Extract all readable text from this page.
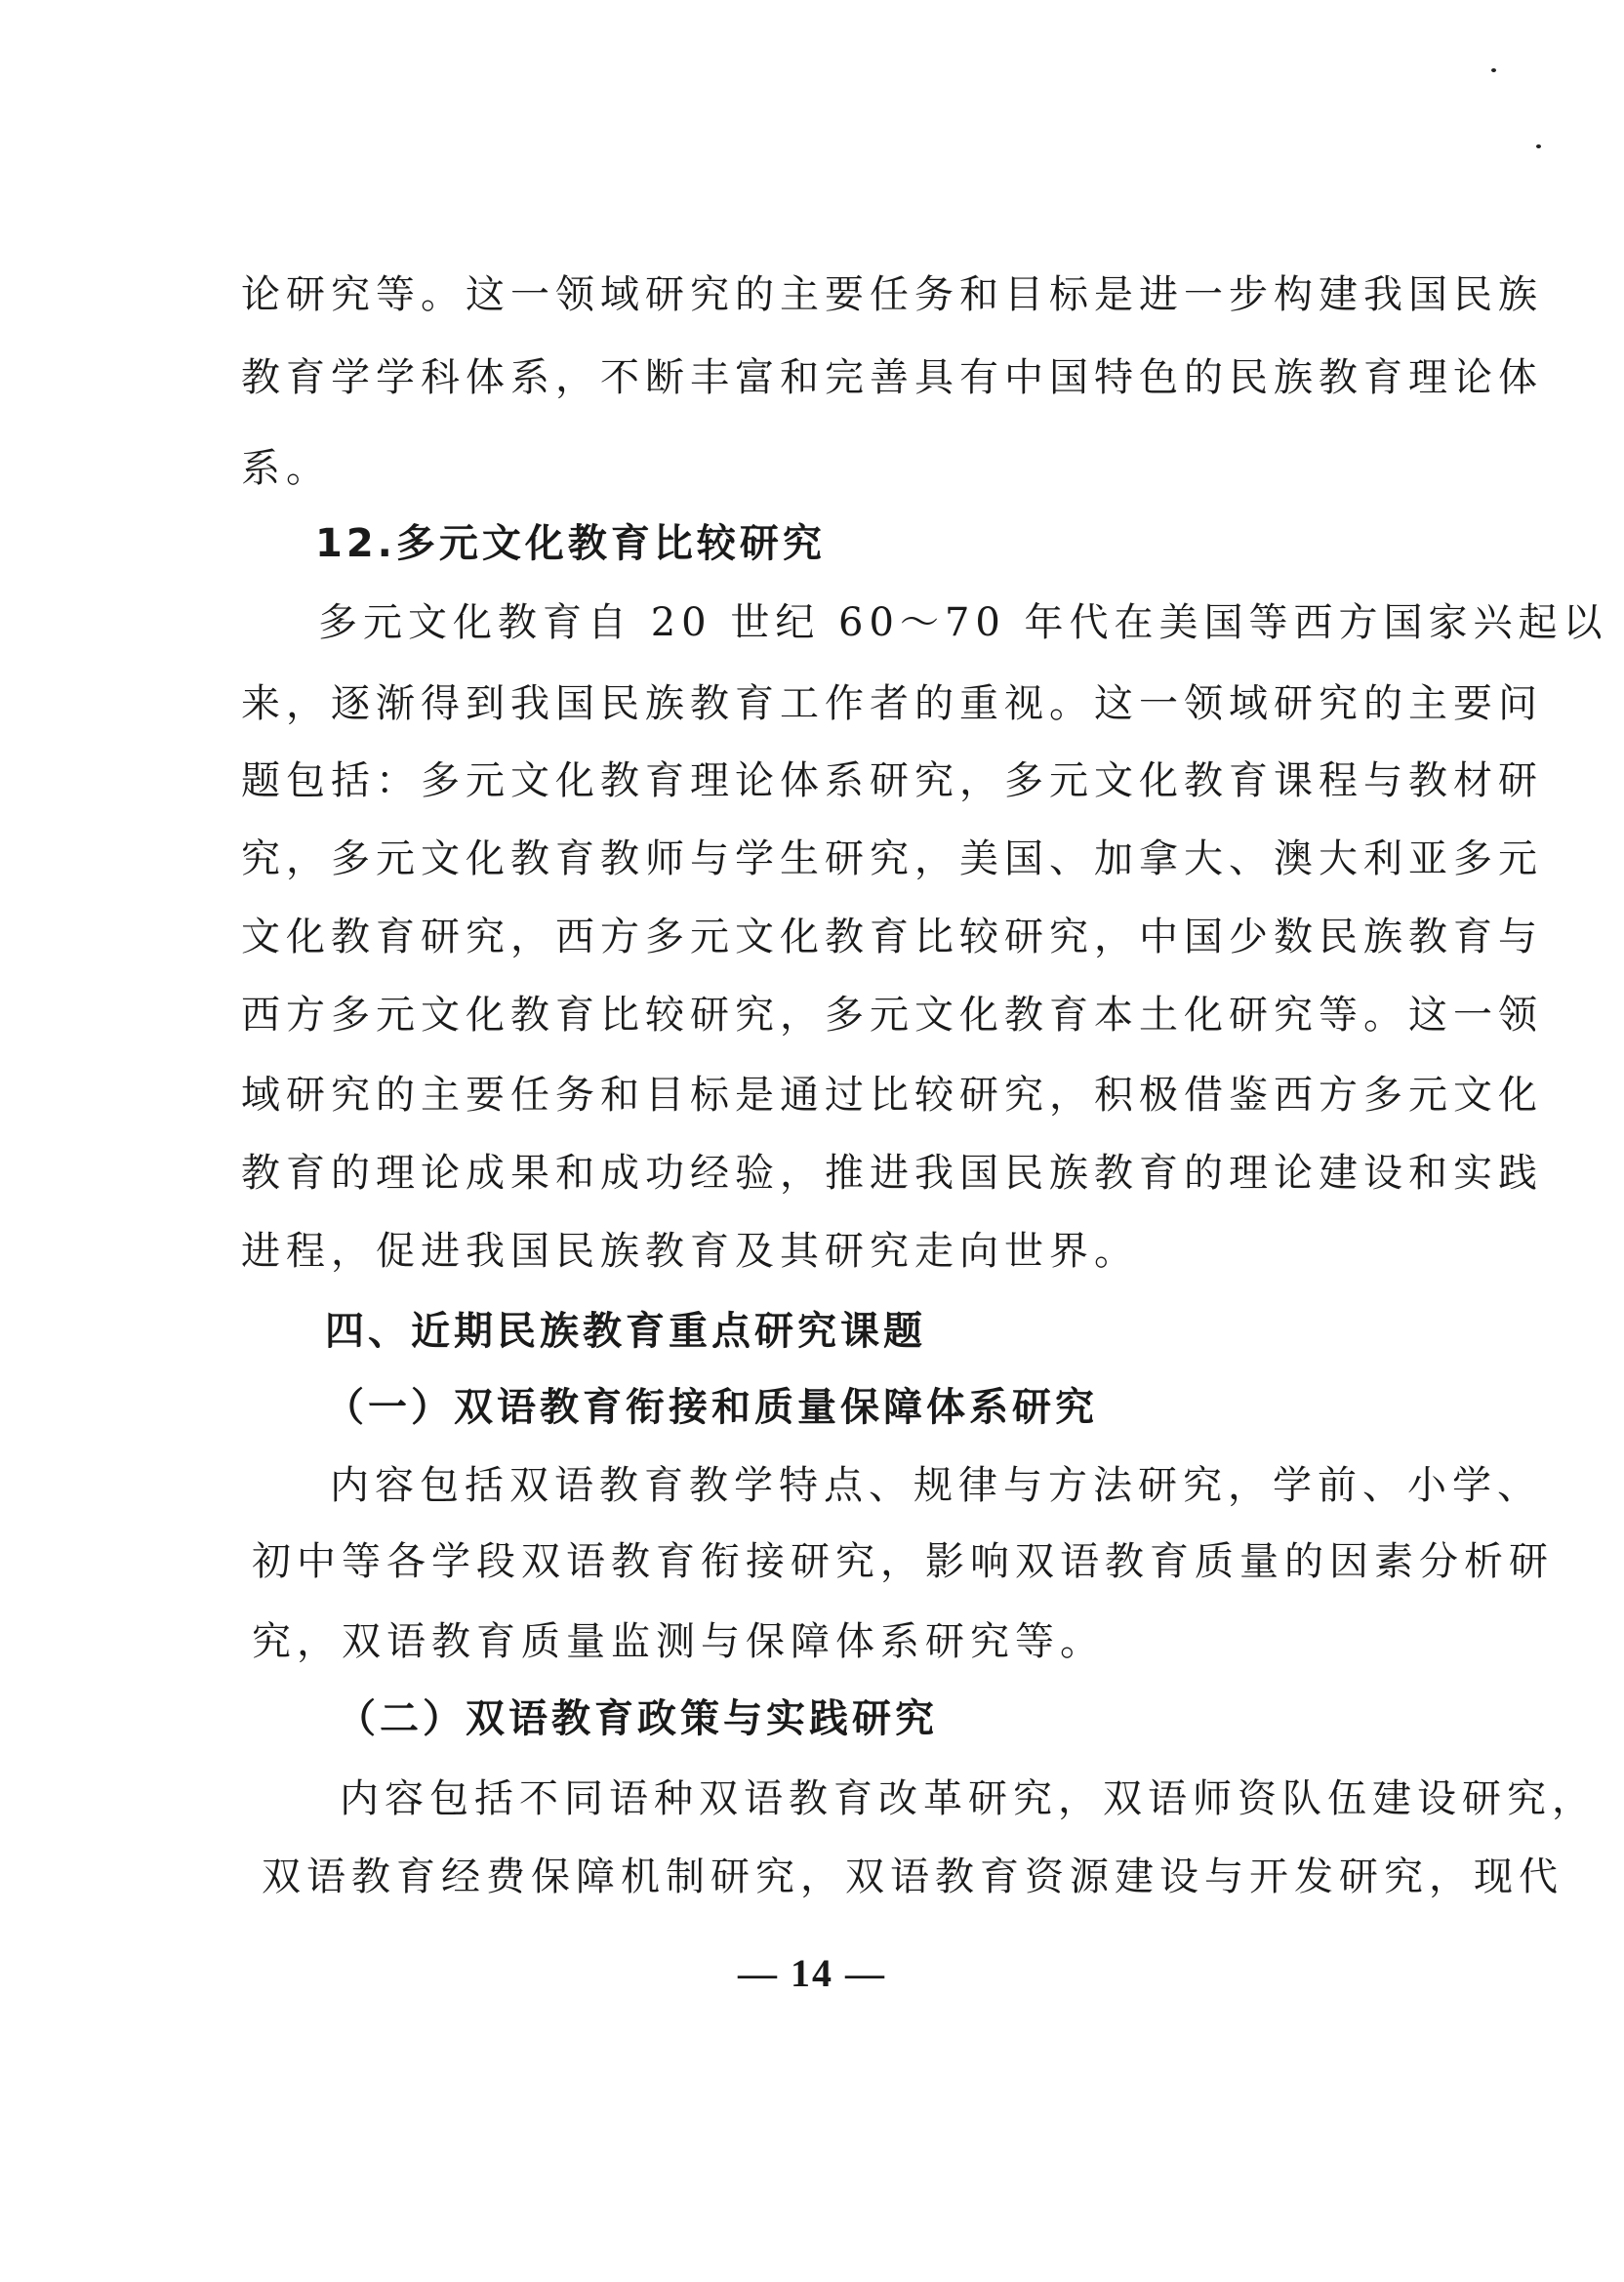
论研究等。这一领域研究的主要任务和目标是进一步构建我国民族
教育学学科体系，不断丰富和完善具有中国特色的民族教育理论体
系。
12.多元文化教育比较研究
多元文化教育自 20 世纪 60～70 年代在美国等西方国家兴起以
来，逐渐得到我国民族教育工作者的重视。这一领域研究的主要问
题包括：多元文化教育理论体系研究，多元文化教育课程与教材研
究，多元文化教育教师与学生研究，美国、加拿大、澳大利亚多元
文化教育研究，西方多元文化教育比较研究，中国少数民族教育与
西方多元文化教育比较研究，多元文化教育本土化研究等。这一领
域研究的主要任务和目标是通过比较研究，积极借鉴西方多元文化
教育的理论成果和成功经验，推进我国民族教育的理论建设和实践
进程，促进我国民族教育及其研究走向世界。
四、近期民族教育重点研究课题
（一）双语教育衔接和质量保障体系研究
内容包括双语教育教学特点、规律与方法研究，学前、小学、
初中等各学段双语教育衔接研究，影响双语教育质量的因素分析研
究，双语教育质量监测与保障体系研究等。
（二）双语教育政策与实践研究
内容包括不同语种双语教育改革研究，双语师资队伍建设研究，
双语教育经费保障机制研究，双语教育资源建设与开发研究，现代
— 14 —
